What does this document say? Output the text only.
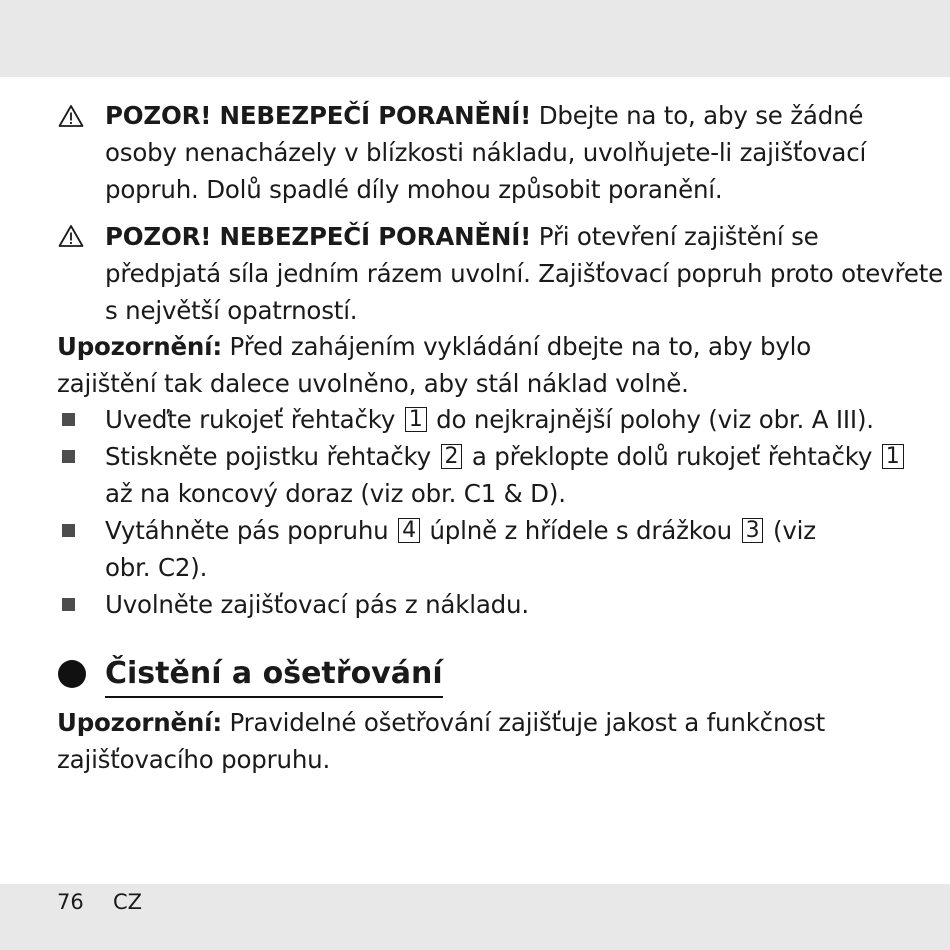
POZOR! NEBEZPEČÍ PORANĚNÍ! Dbejte na to, aby se žádné
osoby nenacházely v blízkosti nákladu, uvolňujete-li zajišťovací
popruh. Dolů spadlé díly mohou způsobit poranění.
POZOR! NEBEZPEČÍ PORANĚNÍ! Při otevření zajištění se
předpjatá síla jedním rázem uvolní. Zajišťovací popruh proto otevřete
s největší opatrností.
Upozornění: Před zahájením vykládání dbejte na to, aby bylo
zajištění tak dalece uvolněno, aby stál náklad volně.
Uveďte rukojeť řehtačky 1 do nejkrajnější polohy (viz obr. A III).
Stiskněte pojistku řehtačky 2 a překlopte dolů rukojeť řehtačky 1
až na koncový doraz (viz obr. C1 & D).
Vytáhněte pás popruhu 4 úplně z hřídele s drážkou 3 (viz
obr. C2).
Uvolněte zajišťovací pás z nákladu.
Čistění a ošetřování
Upozornění: Pravidelné ošetřování zajišťuje jakost a funkčnost
zajišťovacího popruhu.
76 CZ
